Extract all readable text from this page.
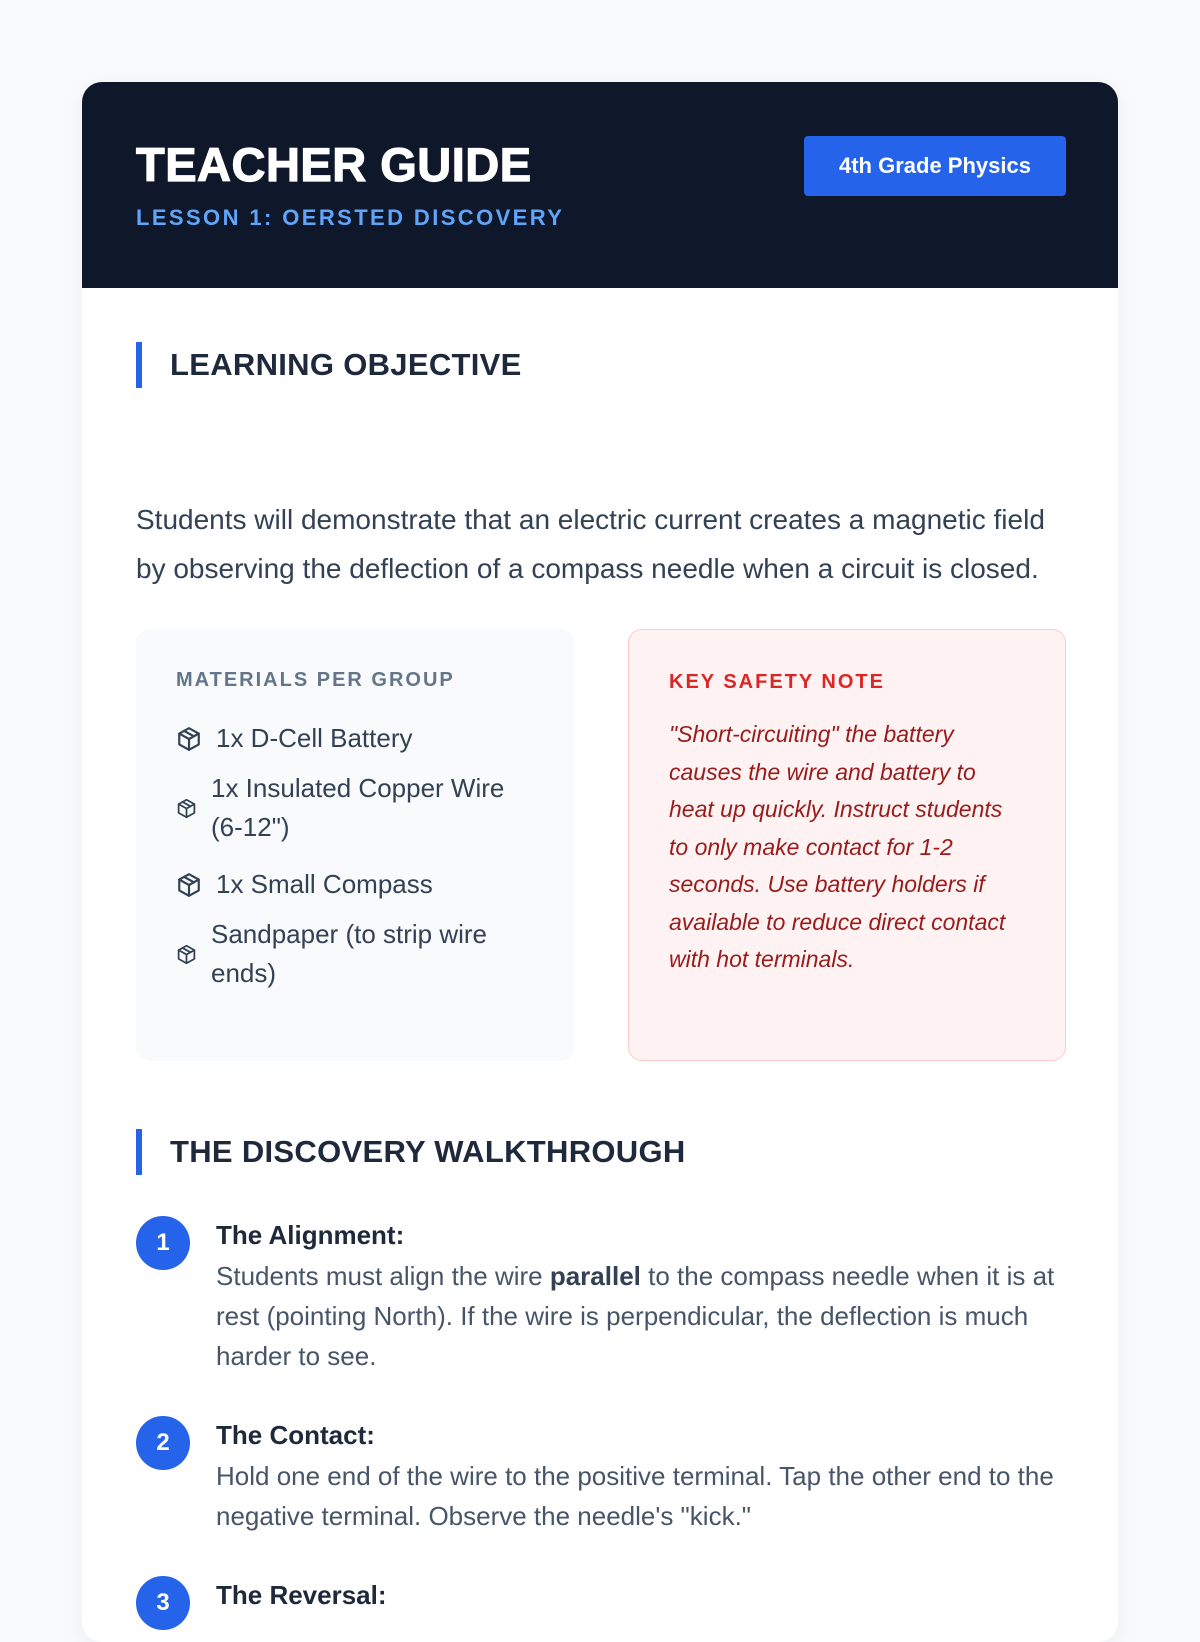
TEACHER GUIDE
LESSON 1: OERSTED DISCOVERY
4th Grade Physics
LEARNING OBJECTIVE
Students will demonstrate that an electric current creates a magnetic field by observing the deflection of a compass needle when a circuit is closed.
MATERIALS PER GROUP
1x D-Cell Battery
1x Insulated Copper Wire (6-12")
1x Small Compass
Sandpaper (to strip wire ends)
KEY SAFETY NOTE
"Short-circuiting" the battery causes the wire and battery to heat up quickly. Instruct students to only make contact for 1-2 seconds. Use battery holders if available to reduce direct contact with hot terminals.
THE DISCOVERY WALKTHROUGH
1	The Alignment:
Students must align the wire parallel to the compass needle when it is at rest (pointing North). If the wire is perpendicular, the deflection is much harder to see.
2	The Contact:
Hold one end of the wire to the positive terminal. Tap the other end to the negative terminal. Observe the needle's "kick."
3	The Reversal:
